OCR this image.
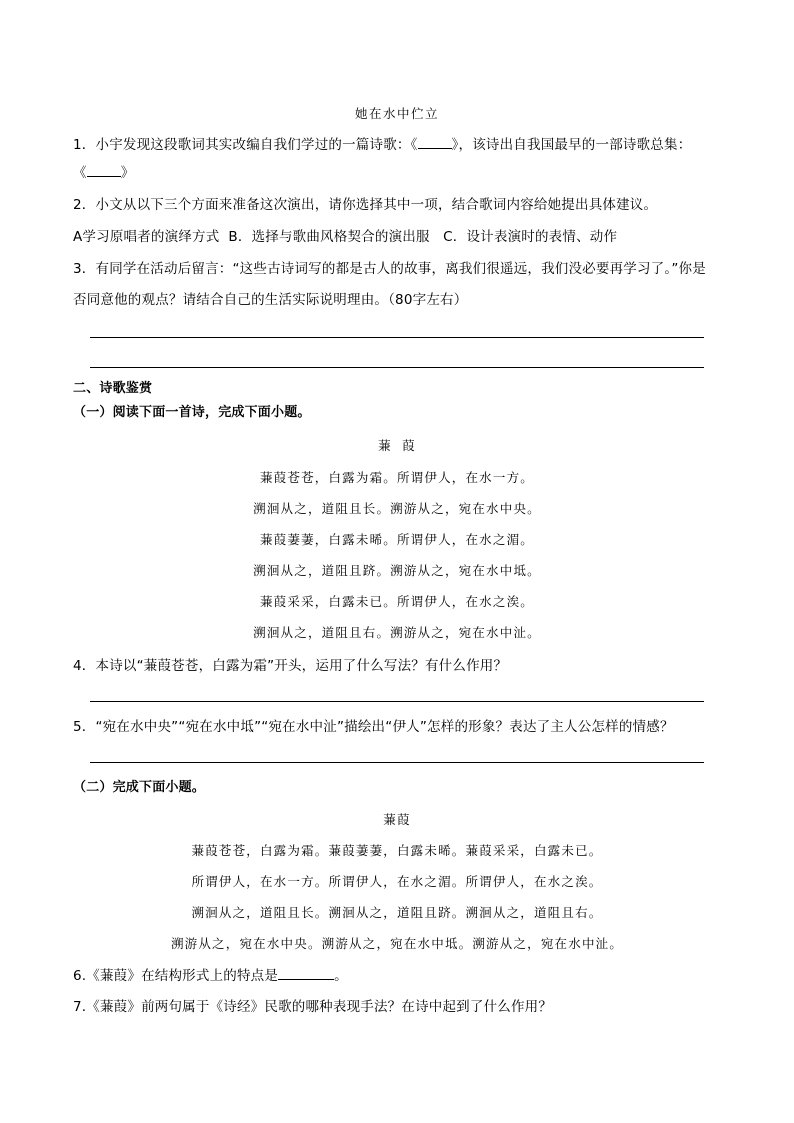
她在水中伫立
1．小宇发现这段歌词其实改编自我们学过的一篇诗歌：《	》，该诗出自我国最早的一部诗歌总集：
《	》
2．小文从以下三个方面来准备这次演出，请你选择其中一项，结合歌词内容给她提出具体建议。
A学习原唱者的演绎方式  B．选择与歌曲风格契合的演出服   C．设计表演时的表情、动作
3．有同学在活动后留言：“这些古诗词写的都是古人的故事，离我们很遥远，我们没必要再学习了。”你是
否同意他的观点？请结合自己的生活实际说明理由。（80字左右）
二、诗歌鉴赏
（一）阅读下面一首诗，完成下面小题。
蒹  葭
蒹葭苍苍，白露为霜。所谓伊人，在水一方。
溯洄从之，道阻且长。溯游从之，宛在水中央。
蒹葭萋萋，白露未晞。所谓伊人，在水之湄。
溯洄从之，道阻且跻。溯游从之，宛在水中坻。
蒹葭采采，白露未已。所谓伊人，在水之涘。
溯洄从之，道阻且右。溯游从之，宛在水中沚。
4．本诗以“蒹葭苍苍，白露为霜”开头，运用了什么写法？有什么作用？
5．“宛在水中央”“宛在水中坻”“宛在水中沚”描绘出“伊人”怎样的形象？表达了主人公怎样的情感？
（二）完成下面小题。
蒹葭
蒹葭苍苍，白露为霜。蒹葭萋萋，白露未晞。蒹葭采采，白露未已。
所谓伊人，在水一方。所谓伊人，在水之湄。所谓伊人，在水之涘。
溯洄从之，道阻且长。溯洄从之，道阻且跻。溯洄从之，道阻且右。
溯游从之，宛在水中央。溯游从之，宛在水中坻。溯游从之，宛在水中沚。
6.《蒹葭》在结构形式上的特点是	。
7.《蒹葭》前两句属于《诗经》民歌的哪种表现手法？在诗中起到了什么作用？
